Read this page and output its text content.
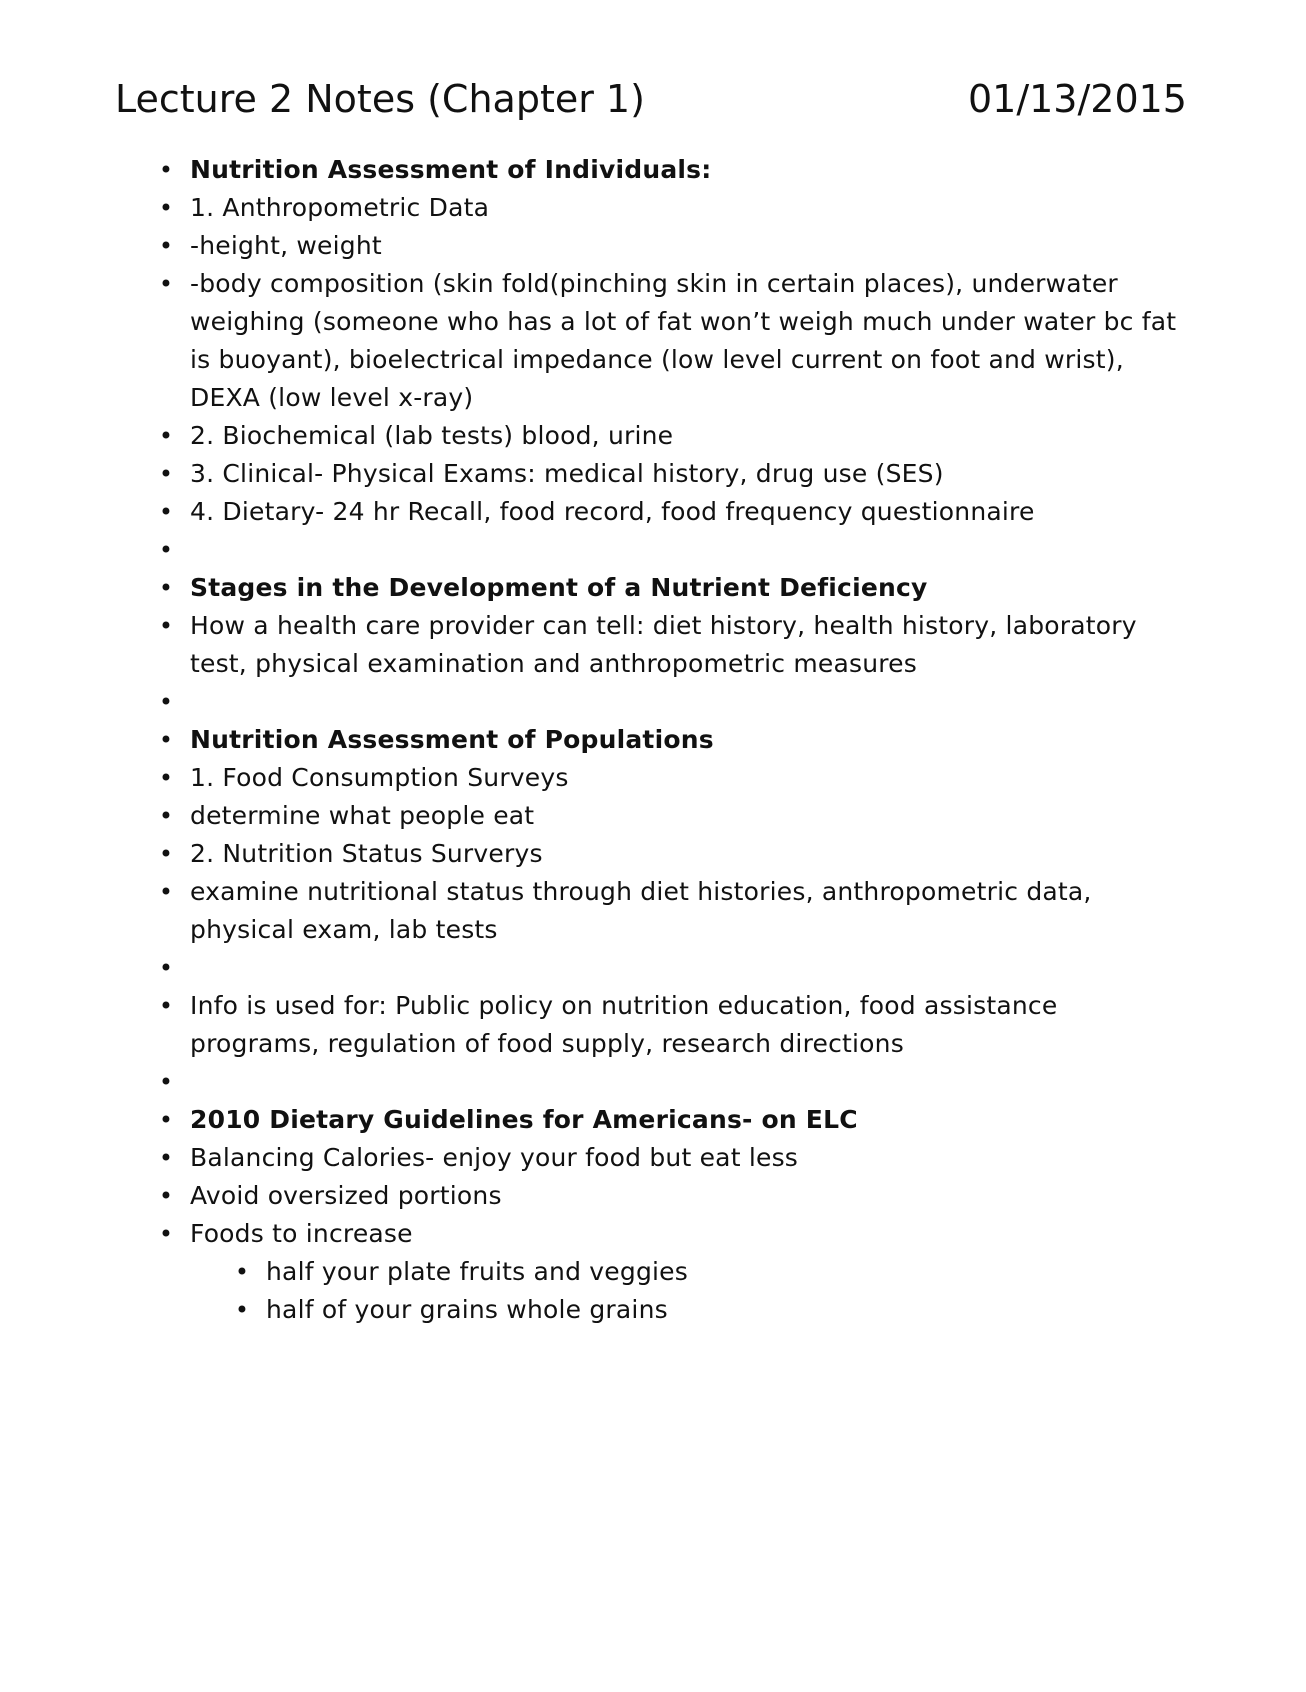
Lecture 2 Notes (Chapter 1)	01/13/2015
• Nutrition Assessment of Individuals:
• 1. Anthropometric Data
• -height, weight
• -body composition (skin fold(pinching skin in certain places), underwater weighing (someone who has a lot of fat won’t weigh much under water bc fat is buoyant), bioelectrical impedance (low level current on foot and wrist), DEXA (low level x-ray)
• 2. Biochemical (lab tests) blood, urine
• 3. Clinical- Physical Exams: medical history, drug use (SES)
• 4. Dietary- 24 hr Recall, food record, food frequency questionnaire
•
• Stages in the Development of a Nutrient Deficiency
• How a health care provider can tell: diet history, health history, laboratory test, physical examination and anthropometric measures
•
• Nutrition Assessment of Populations
• 1. Food Consumption Surveys
• determine what people eat
• 2. Nutrition Status Surverys
• examine nutritional status through diet histories, anthropometric data, physical exam, lab tests
•
• Info is used for: Public policy on nutrition education, food assistance programs, regulation of food supply, research directions
•
• 2010 Dietary Guidelines for Americans- on ELC
• Balancing Calories- enjoy your food but eat less
• Avoid oversized portions
• Foods to increase
• half your plate fruits and veggies
• half of your grains whole grains
